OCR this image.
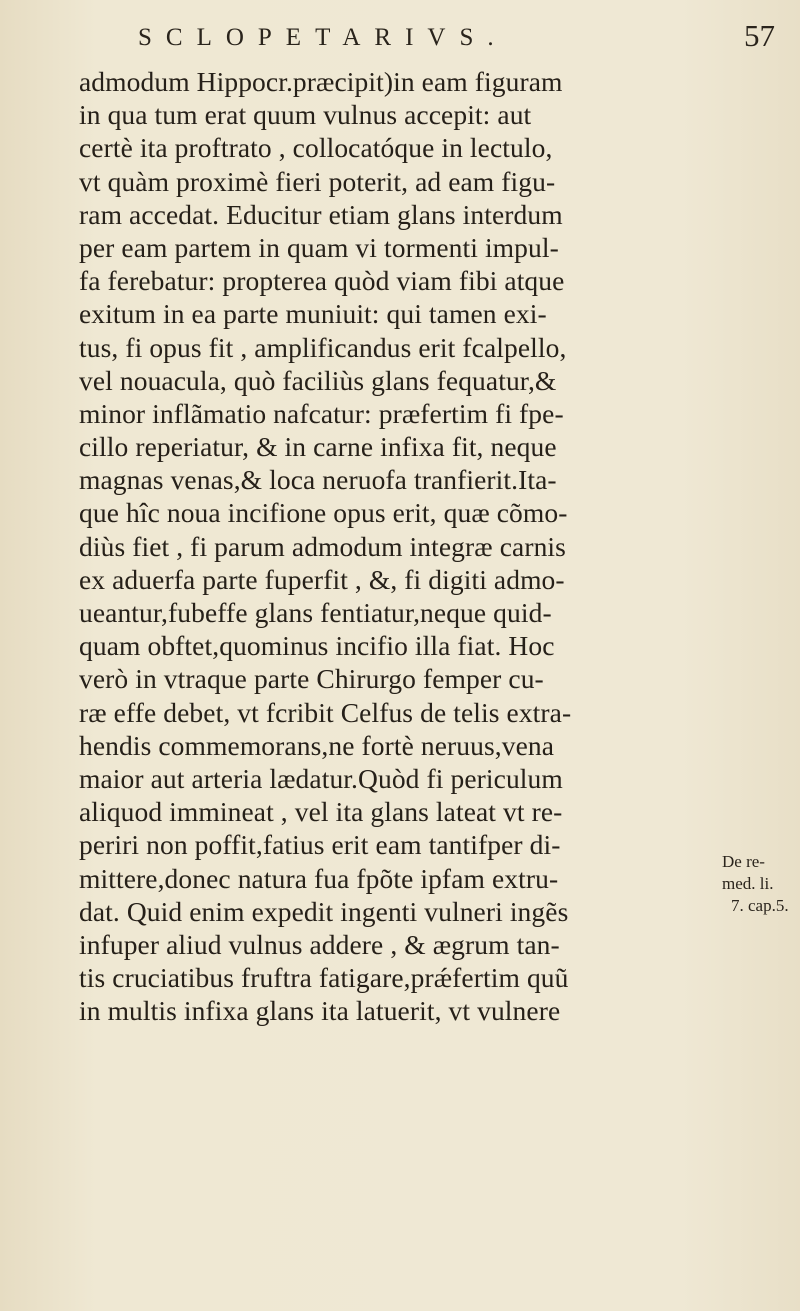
SCLOPETARIVS.	57
admodum Hippocr.præcipit)in eam figuram
in qua tum erat quum vulnus accepit: aut
certè ita proftrato , collocatóque in lectulo,
vt quàm proximè fieri poterit, ad eam figu-
ram accedat. Educitur etiam glans interdum
per eam partem in quam vi tormenti impul-
fa ferebatur: propterea quòd viam fibi atque
exitum in ea parte muniuit: qui tamen exi-
tus, fi opus fit , amplificandus erit fcalpello,
vel nouacula, quò faciliùs glans fequatur,&
minor inflãmatio nafcatur: præfertim fi fpe-
cillo reperiatur, & in carne infixa fit, neque
magnas venas,& loca neruofa tranfierit.Ita-
que hîc noua incifione opus erit, quæ cõmo-
diùs fiet , fi parum admodum integræ carnis
ex aduerfa parte fuperfit , &, fi digiti admo-
ueantur,fubeffe glans fentiatur,neque quid-
quam obftet,quominus incifio illa fiat. Hoc
verò in vtraque parte Chirurgo femper cu-
ræ effe debet, vt fcribit Celfus de telis extra-
hendis commemorans,ne fortè neruus,vena
maior aut arteria lædatur.Quòd fi periculum
aliquod immineat , vel ita glans lateat vt re-
periri non poffit,fatius erit eam tantifper di-
mittere,donec natura fua fpõte ipfam extru-
dat. Quid enim expedit ingenti vulneri ingẽs
infuper aliud vulnus addere , & ægrum tan-
tis cruciatibus fruftra fatigare,prǽfertim quũ
in multis infixa glans ita latuerit, vt vulnere
De re-
med. li.
7. cap.5.
